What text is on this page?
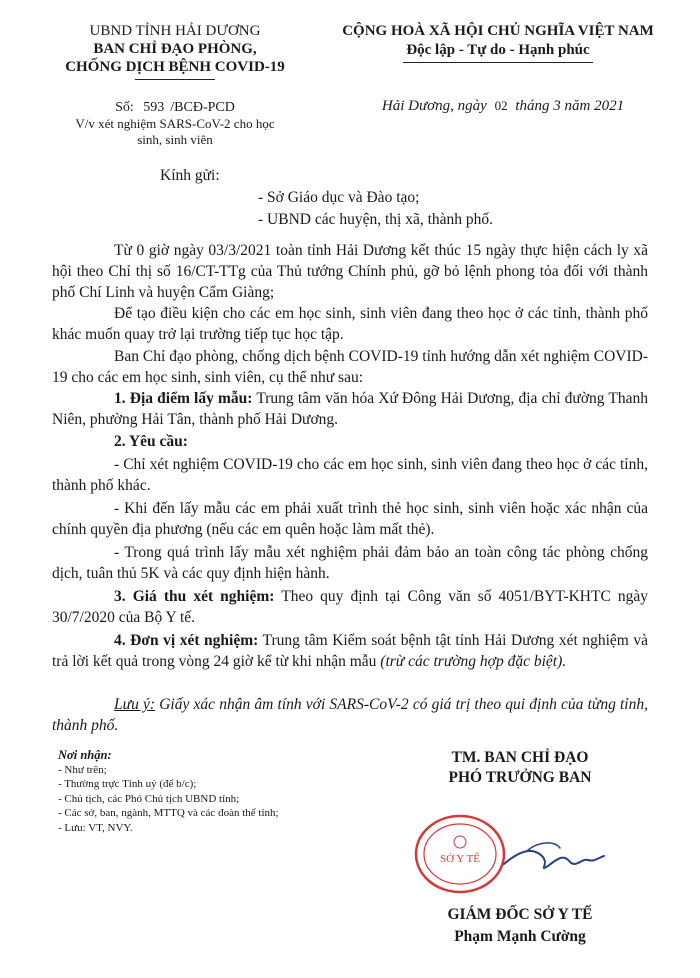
UBND TỈNH HẢI DƯƠNG
BAN CHỈ ĐẠO PHÒNG,
CHỐNG DỊCH BỆNH COVID-19
CỘNG HOÀ XÃ HỘI CHỦ NGHĨA VIỆT NAM
Độc lập - Tự do - Hạnh phúc
Số: 593 /BCĐ-PCD
V/v xét nghiệm SARS-CoV-2 cho học
sinh, sinh viên
Hải Dương, ngày 02 tháng 3 năm 2021
Kính gửi:
- Sở Giáo dục và Đào tạo;
- UBND các huyện, thị xã, thành phố.
Từ 0 giờ ngày 03/3/2021 toàn tỉnh Hải Dương kết thúc 15 ngày thực hiện cách ly xã hội theo Chỉ thị số 16/CT-TTg của Thủ tướng Chính phủ, gỡ bỏ lệnh phong tỏa đối với thành phố Chí Linh và huyện Cẩm Giàng;
Để tạo điều kiện cho các em học sinh, sinh viên đang theo học ở các tỉnh, thành phố khác muốn quay trở lại trường tiếp tục học tập.
Ban Chỉ đạo phòng, chống dịch bệnh COVID-19 tỉnh hướng dẫn xét nghiệm COVID-19 cho các em học sinh, sinh viên, cụ thể như sau:
1. Địa điểm lấy mẫu: Trung tâm văn hóa Xứ Đông Hải Dương, địa chỉ đường Thanh Niên, phường Hải Tân, thành phố Hải Dương.
2. Yêu cầu:
- Chỉ xét nghiệm COVID-19 cho các em học sinh, sinh viên đang theo học ở các tỉnh, thành phố khác.
- Khi đến lấy mẫu các em phải xuất trình thẻ học sinh, sinh viên hoặc xác nhận của chính quyền địa phương (nếu các em quên hoặc làm mất thẻ).
- Trong quá trình lấy mẫu xét nghiệm phải đảm bảo an toàn công tác phòng chống dịch, tuân thủ 5K và các quy định hiện hành.
3. Giá thu xét nghiệm: Theo quy định tại Công văn số 4051/BYT-KHTC ngày 30/7/2020 của Bộ Y tế.
4. Đơn vị xét nghiệm: Trung tâm Kiểm soát bệnh tật tỉnh Hải Dương xét nghiệm và trả lời kết quả trong vòng 24 giờ kể từ khi nhận mẫu (trừ các trường hợp đặc biệt).
Lưu ý: Giấy xác nhận âm tính với SARS-CoV-2 có giá trị theo qui định của từng tỉnh, thành phố.
Nơi nhận:
- Như trên;
- Thường trực Tỉnh uỷ (để b/c);
- Chủ tịch, các Phó Chủ tịch UBND tỉnh;
- Các sở, ban, ngành, MTTQ và các đoàn thể tỉnh;
- Lưu: VT, NVY.
TM. BAN CHỈ ĐẠO
PHÓ TRƯỞNG BAN
SỞ Y TẾ
GIÁM ĐỐC SỞ Y TẾ
Phạm Mạnh Cường
